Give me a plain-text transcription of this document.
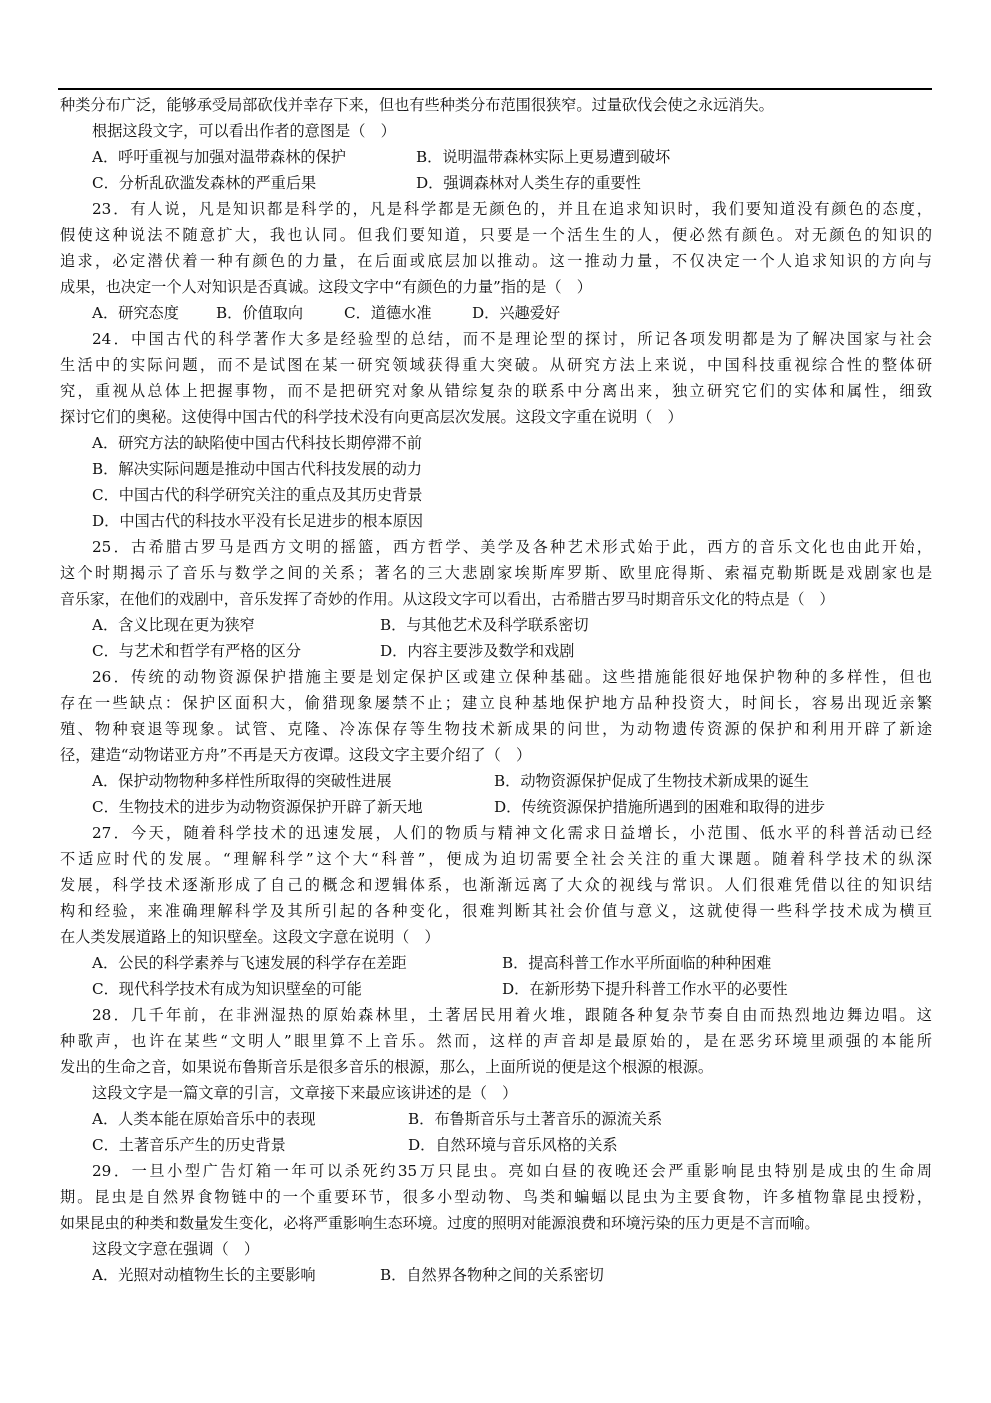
种类分布广泛，能够承受局部砍伐并幸存下来，但也有些种类分布范围很狭窄。过量砍伐会使之永远消失。
根据这段文字，可以看出作者的意图是（　）
A．呼吁重视与加强对温带森林的保护	B．说明温带森林实际上更易遭到破坏
C．分析乱砍滥发森林的严重后果	D．强调森林对人类生存的重要性
23．有人说，凡是知识都是科学的，凡是科学都是无颜色的，并且在追求知识时，我们要知道没有颜色的态度，
假使这种说法不随意扩大，我也认同。但我们要知道，只要是一个活生生的人，便必然有颜色。对无颜色的知识的
追求，必定潜伏着一种有颜色的力量，在后面或底层加以推动。这一推动力量，不仅决定一个人追求知识的方向与
成果，也决定一个人对知识是否真诚。这段文字中“有颜色的力量”指的是（　）
A．研究态度	B．价值取向	C．道德水准	D．兴趣爱好
24．中国古代的科学著作大多是经验型的总结，而不是理论型的探讨，所记各项发明都是为了解决国家与社会
生活中的实际问题，而不是试图在某一研究领域获得重大突破。从研究方法上来说，中国科技重视综合性的整体研
究，重视从总体上把握事物，而不是把研究对象从错综复杂的联系中分离出来，独立研究它们的实体和属性，细致
探讨它们的奥秘。这使得中国古代的科学技术没有向更高层次发展。这段文字重在说明（　）
A．研究方法的缺陷使中国古代科技长期停滞不前
B．解决实际问题是推动中国古代科技发展的动力
C．中国古代的科学研究关注的重点及其历史背景
D．中国古代的科技水平没有长足进步的根本原因
25．古希腊古罗马是西方文明的摇篮，西方哲学、美学及各种艺术形式始于此，西方的音乐文化也由此开始，
这个时期揭示了音乐与数学之间的关系；著名的三大悲剧家埃斯库罗斯、欧里庇得斯、索福克勒斯既是戏剧家也是
音乐家，在他们的戏剧中，音乐发挥了奇妙的作用。从这段文字可以看出，古希腊古罗马时期音乐文化的特点是（　）
A．含义比现在更为狭窄	B．与其他艺术及科学联系密切
C．与艺术和哲学有严格的区分	D．内容主要涉及数学和戏剧
26．传统的动物资源保护措施主要是划定保护区或建立保种基础。这些措施能很好地保护物种的多样性，但也
存在一些缺点：保护区面积大，偷猎现象屡禁不止；建立良种基地保护地方品种投资大，时间长，容易出现近亲繁
殖、物种衰退等现象。试管、克隆、冷冻保存等生物技术新成果的问世，为动物遗传资源的保护和利用开辟了新途
径，建造“动物诺亚方舟”不再是天方夜谭。这段文字主要介绍了（　）
A．保护动物物种多样性所取得的突破性进展	B．动物资源保护促成了生物技术新成果的诞生
C．生物技术的进步为动物资源保护开辟了新天地	D．传统资源保护措施所遇到的困难和取得的进步
27．今天，随着科学技术的迅速发展，人们的物质与精神文化需求日益增长，小范围、低水平的科普活动已经
不适应时代的发展。“理解科学”这个大“科普”，便成为迫切需要全社会关注的重大课题。随着科学技术的纵深
发展，科学技术逐渐形成了自己的概念和逻辑体系，也渐渐远离了大众的视线与常识。人们很难凭借以往的知识结
构和经验，来准确理解科学及其所引起的各种变化，很难判断其社会价值与意义，这就使得一些科学技术成为横亘
在人类发展道路上的知识壁垒。这段文字意在说明（　）
A．公民的科学素养与飞速发展的科学存在差距	B．提高科普工作水平所面临的种种困难
C．现代科学技术有成为知识壁垒的可能	D．在新形势下提升科普工作水平的必要性
28．几千年前，在非洲湿热的原始森林里，土著居民用着火堆，跟随各种复杂节奏自由而热烈地边舞边唱。这
种歌声，也许在某些“文明人”眼里算不上音乐。然而，这样的声音却是最原始的，是在恶劣环境里顽强的本能所
发出的生命之音，如果说布鲁斯音乐是很多音乐的根源，那么，上面所说的便是这个根源的根源。
这段文字是一篇文章的引言，文章接下来最应该讲述的是（　）
A．人类本能在原始音乐中的表现	B．布鲁斯音乐与土著音乐的源流关系
C．土著音乐产生的历史背景	D．自然环境与音乐风格的关系
29．一旦小型广告灯箱一年可以杀死约35万只昆虫。亮如白昼的夜晚还会严重影响昆虫特别是成虫的生命周
期。昆虫是自然界食物链中的一个重要环节，很多小型动物、鸟类和蝙蝠以昆虫为主要食物，许多植物靠昆虫授粉，
如果昆虫的种类和数量发生变化，必将严重影响生态环境。过度的照明对能源浪费和环境污染的压力更是不言而喻。
这段文字意在强调（　）
A．光照对动植物生长的主要影响	B．自然界各物种之间的关系密切
